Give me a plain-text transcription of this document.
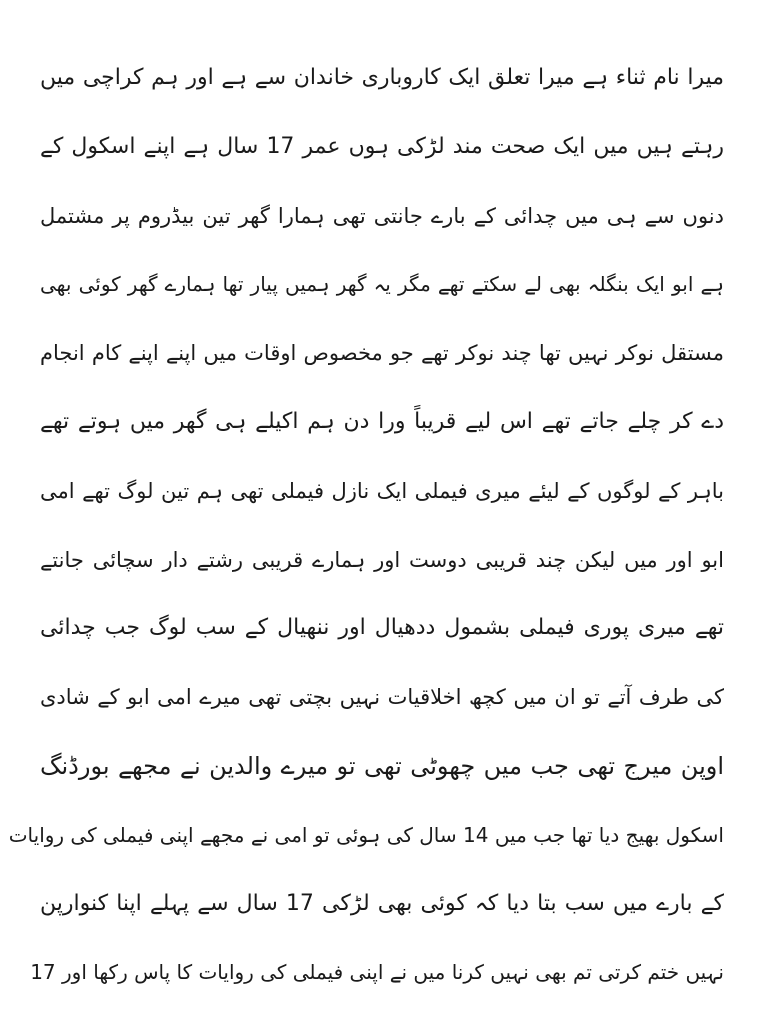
میرا نام ثناء ہے میرا تعلق ایک کاروباری خاندان سے ہے اور ہم کراچی میں
رہتے ہیں میں ایک صحت مند لڑکی ہوں عمر 17 سال ہے اپنے اسکول کے
دنوں سے ہی میں چدائی کے بارے جانتی تھی ہمارا گھر تین بیڈروم پر مشتمل
ہے ابو ایک بنگلہ بھی لے سکتے تھے مگر یہ گھر ہمیں پیار تھا ہمارے گھر کوئی بھی
مستقل نوکر نہیں تھا چند نوکر تھے جو مخصوص اوقات میں اپنے اپنے کام انجام
دے کر چلے جاتے تھے اس لیے قریباً ورا دن ہم اکیلے ہی گھر میں ہوتے تھے
باہر کے لوگوں کے لیئے میری فیملی ایک نازل فیملی تھی ہم تین لوگ تھے امی
ابو اور میں لیکن چند قریبی دوست اور ہمارے قریبی رشتے دار سچائی جانتے
تھے میری پوری فیملی بشمول ددھیال اور ننھیال کے سب لوگ جب چدائی
کی طرف آتے تو ان میں کچھ اخلاقیات نہیں بچتی تھی میرے امی ابو کے شادی
اوپن میرج تھی جب میں چھوٹی تھی تو میرے والدین نے مجھے بورڈنگ
اسکول بھیج دیا تھا جب میں 14 سال کی ہوئی تو امی نے مجھے اپنی فیملی کی روایات
کے بارے میں سب بتا دیا کہ کوئی بھی لڑکی 17 سال سے پہلے اپنا کنوارپن
نہیں ختم کرتی تم بھی نہیں کرنا میں نے اپنی فیملی کی روایات کا پاس رکھا اور 17
